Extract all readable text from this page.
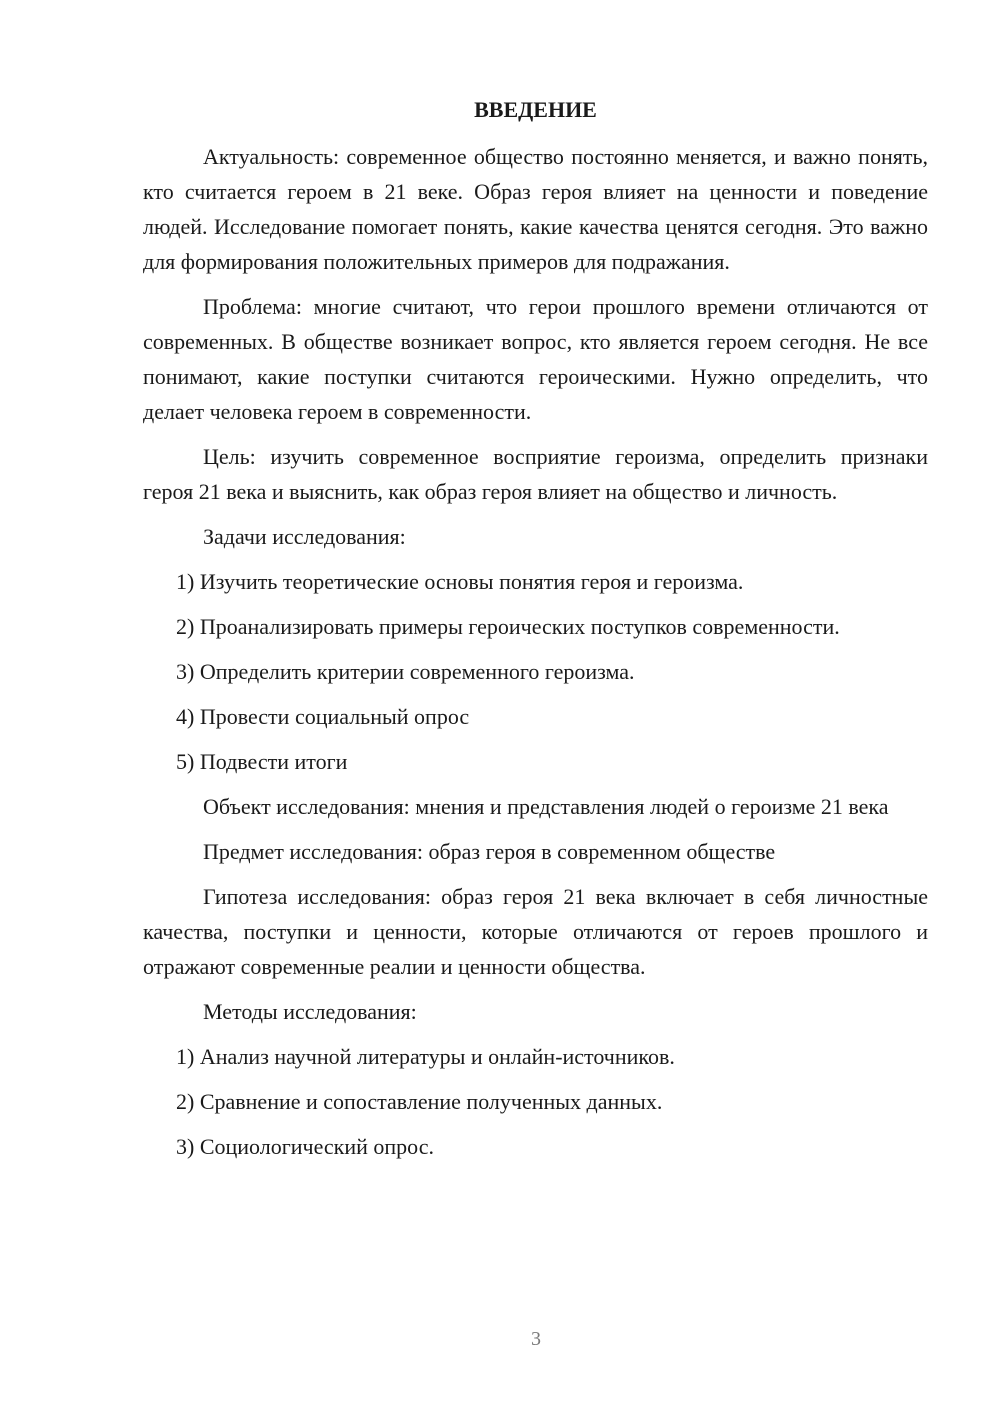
ВВЕДЕНИЕ

Актуальность: современное общество постоянно меняется, и важно понять, кто считается героем в 21 веке. Образ героя влияет на ценности и поведение людей. Исследование помогает понять, какие качества ценятся сегодня. Это важно для формирования положительных примеров для подражания.

Проблема: многие считают, что герои прошлого времени отличаются от современных. В обществе возникает вопрос, кто является героем сегодня. Не все понимают, какие поступки считаются героическими. Нужно определить, что делает человека героем в современности.

Цель: изучить современное восприятие героизма, определить признаки героя 21 века и выяснить, как образ героя влияет на общество и личность.

Задачи исследования:

1) Изучить теоретические основы понятия героя и героизма.
2) Проанализировать примеры героических поступков современности.
3) Определить критерии современного героизма.
4) Провести социальный опрос
5) Подвести итоги

Объект исследования: мнения и представления людей о героизме 21 века

Предмет исследования: образ героя в современном обществе

Гипотеза исследования: образ героя 21 века включает в себя личностные качества, поступки и ценности, которые отличаются от героев прошлого и отражают современные реалии и ценности общества.

Методы исследования:

1) Анализ научной литературы и онлайн-источников.
2) Сравнение и сопоставление полученных данных.
3) Социологический опрос.
3
